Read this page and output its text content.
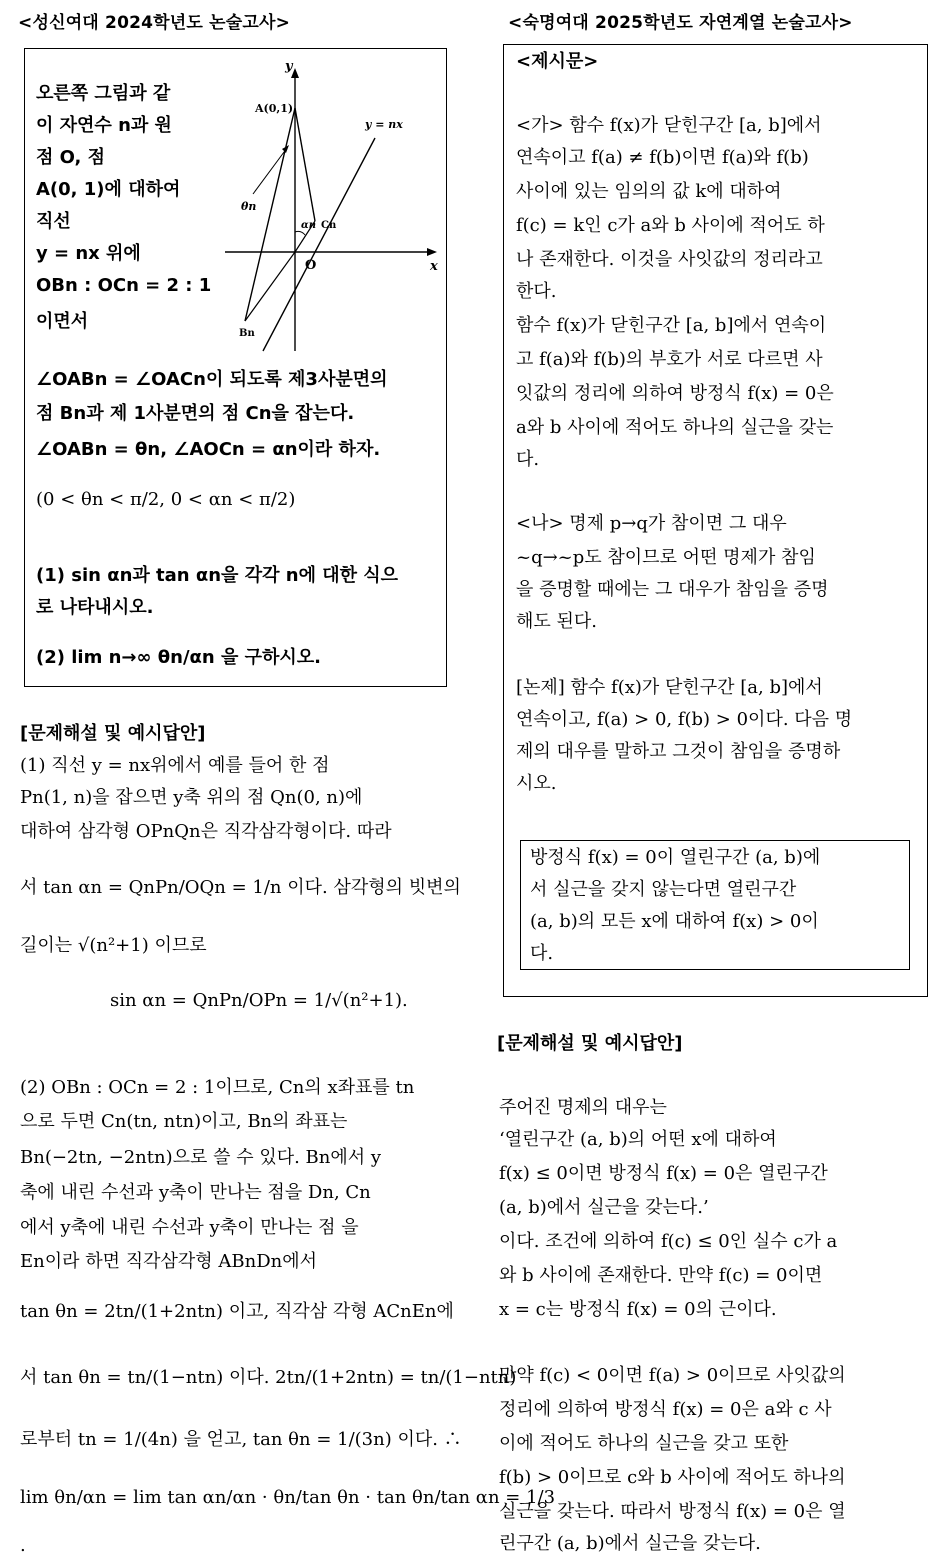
<성신여대 2024학년도 논술고사>
오른쪽 그림과 같
이 자연수 n과 원
점 O, 점
A(0, 1)에 대하여
직선
y = nx 위에
OBn : OCn = 2 : 1
이면서
y
x
A(0,1)
y = nx
O
θn
αn Cn
Bn
∠OABn = ∠OACn이 되도록 제3사분면의
점 Bn과 제 1사분면의 점 Cn을 잡는다.
∠OABn = θn, ∠AOCn = αn이라 하자.
(0 < θn < π/2, 0 < αn < π/2)
(1) sin αn과 tan αn을 각각 n에 대한 식으
로 나타내시오.
(2) lim n→∞ θn/αn 을 구하시오.
[문제해설 및 예시답안]
(1) 직선 y = nx위에서 예를 들어 한 점
Pn(1, n)을 잡으면 y축 위의 점 Qn(0, n)에
대하여 삼각형 OPnQn은 직각삼각형이다. 따라
서 tan αn = QnPn/OQn = 1/n 이다. 삼각형의 빗변의
길이는 √(n²+1) 이므로
sin αn = QnPn/OPn = 1/√(n²+1).
(2) OBn : OCn = 2 : 1이므로, Cn의 x좌표를 tn
으로 두면 Cn(tn, ntn)이고, Bn의 좌표는
Bn(−2tn, −2ntn)으로 쓸 수 있다. Bn에서 y
축에 내린 수선과 y축이 만나는 점을 Dn, Cn
에서 y축에 내린 수선과 y축이 만나는 점 을
En이라 하면 직각삼각형 ABnDn에서
tan θn = 2tn/(1+2ntn) 이고, 직각삼 각형 ACnEn에
서 tan θn = tn/(1−ntn) 이다. 2tn/(1+2ntn) = tn/(1−ntn)
로부터 tn = 1/(4n) 을 얻고, tan θn = 1/(3n) 이다. ∴
lim θn/αn = lim tan αn/αn · θn/tan θn · tan θn/tan αn = 1/3
.
<숙명여대 2025학년도 자연계열 논술고사>
<제시문>
<가> 함수 f(x)가 닫힌구간 [a, b]에서
연속이고 f(a) ≠ f(b)이면 f(a)와 f(b)
사이에 있는 임의의 값 k에 대하여
f(c) = k인 c가 a와 b 사이에 적어도 하
나 존재한다. 이것을 사잇값의 정리라고
한다.
함수 f(x)가 닫힌구간 [a, b]에서 연속이
고 f(a)와 f(b)의 부호가 서로 다르면 사
잇값의 정리에 의하여 방정식 f(x) = 0은
a와 b 사이에 적어도 하나의 실근을 갖는
다.
<나> 명제 p→q가 참이면 그 대우
~q→~p도 참이므로 어떤 명제가 참임
을 증명할 때에는 그 대우가 참임을 증명
해도 된다.
[논제] 함수 f(x)가 닫힌구간 [a, b]에서
연속이고, f(a) > 0, f(b) > 0이다. 다음 명
제의 대우를 말하고 그것이 참임을 증명하
시오.
방정식 f(x) = 0이 열린구간 (a, b)에
서 실근을 갖지 않는다면 열린구간
(a, b)의 모든 x에 대하여 f(x) > 0이
다.
[문제해설 및 예시답안]
주어진 명제의 대우는
‘열린구간 (a, b)의 어떤 x에 대하여
f(x) ≤ 0이면 방정식 f(x) = 0은 열린구간
(a, b)에서 실근을 갖는다.’
이다. 조건에 의하여 f(c) ≤ 0인 실수 c가 a
와 b 사이에 존재한다. 만약 f(c) = 0이면
x = c는 방정식 f(x) = 0의 근이다.
만약 f(c) < 0이면 f(a) > 0이므로 사잇값의
정리에 의하여 방정식 f(x) = 0은 a와 c 사
이에 적어도 하나의 실근을 갖고 또한
f(b) > 0이므로 c와 b 사이에 적어도 하나의
실근을 갖는다. 따라서 방정식 f(x) = 0은 열
린구간 (a, b)에서 실근을 갖는다.
